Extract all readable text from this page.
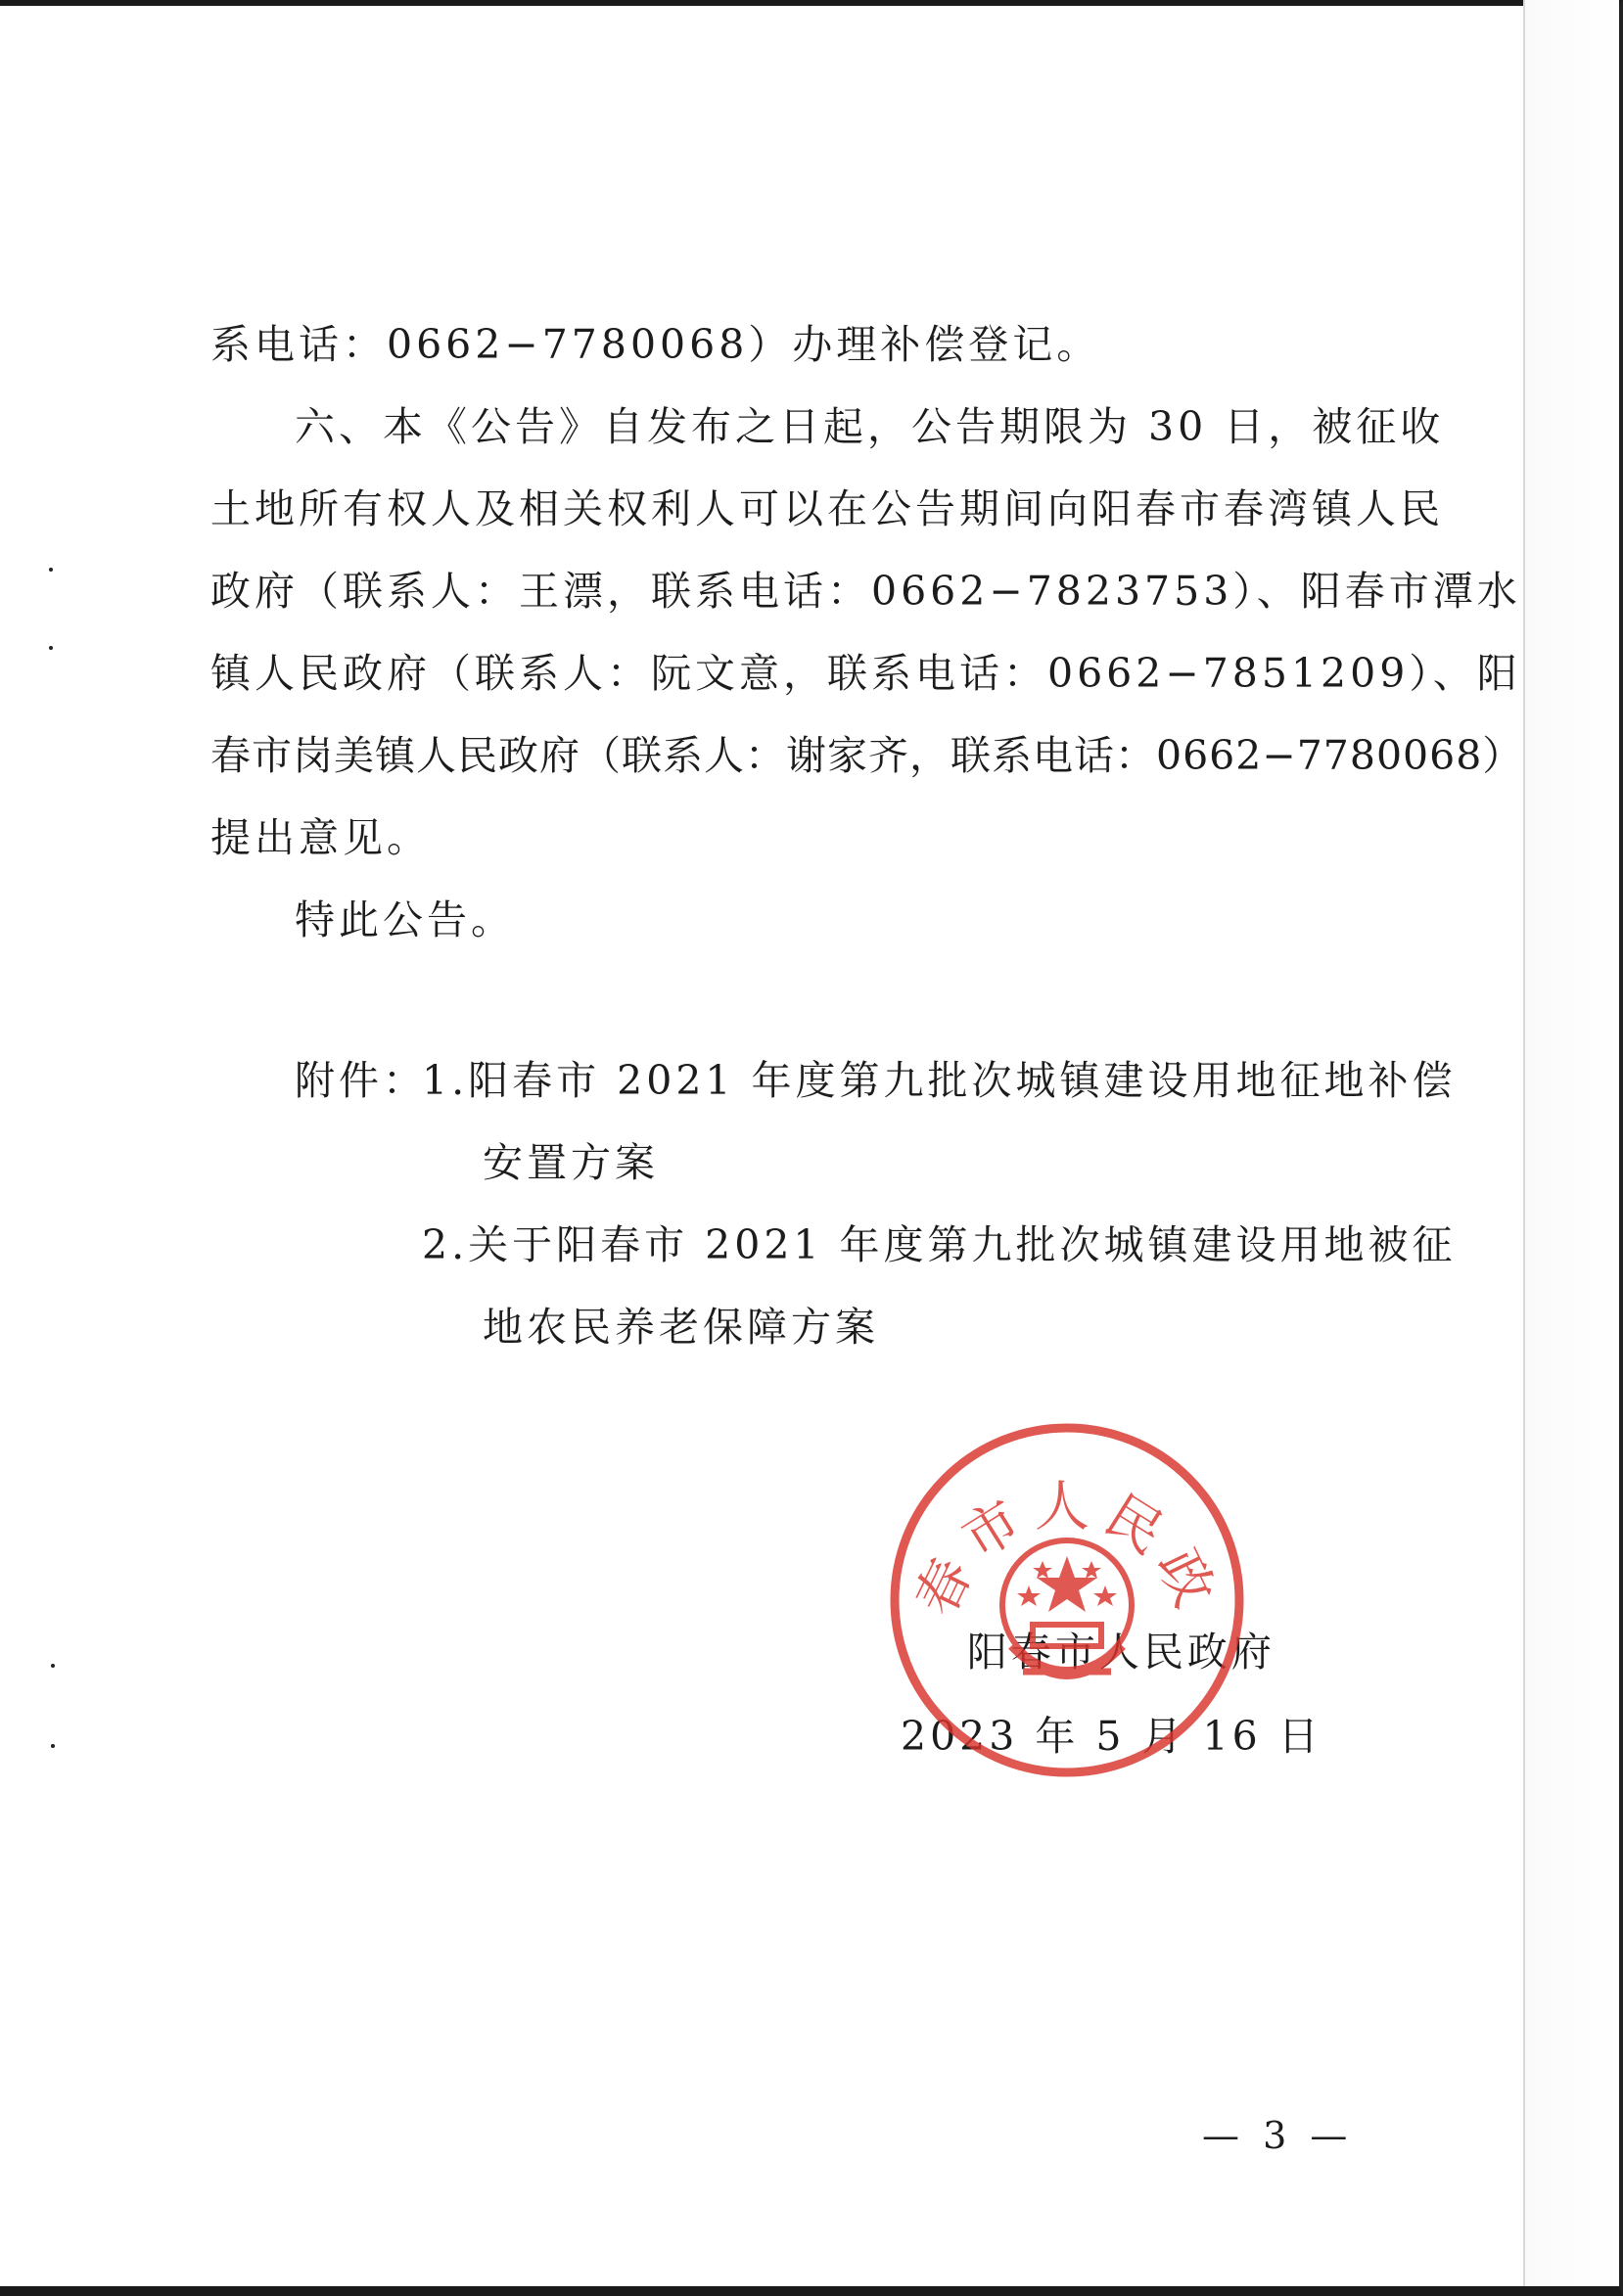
系电话：0662−7780068）办理补偿登记。
六、本《公告》自发布之日起，公告期限为 30 日，被征收
土地所有权人及相关权利人可以在公告期间向阳春市春湾镇人民
政府（联系人：王漂，联系电话：0662−7823753）、阳春市潭水
镇人民政府（联系人：阮文意，联系电话：0662−7851209）、阳
春市岗美镇人民政府（联系人：谢家齐，联系电话：0662−7780068）
提出意见。
特此公告。
附件：
1. 阳春市 2021 年度第九批次城镇建设用地征地补偿
安置方案
2. 关于阳春市 2021 年度第九批次城镇建设用地被征
地农民养老保障方案
春市人民政
阳春市人民政府
2023 年 5 月 16 日
— 3 —
